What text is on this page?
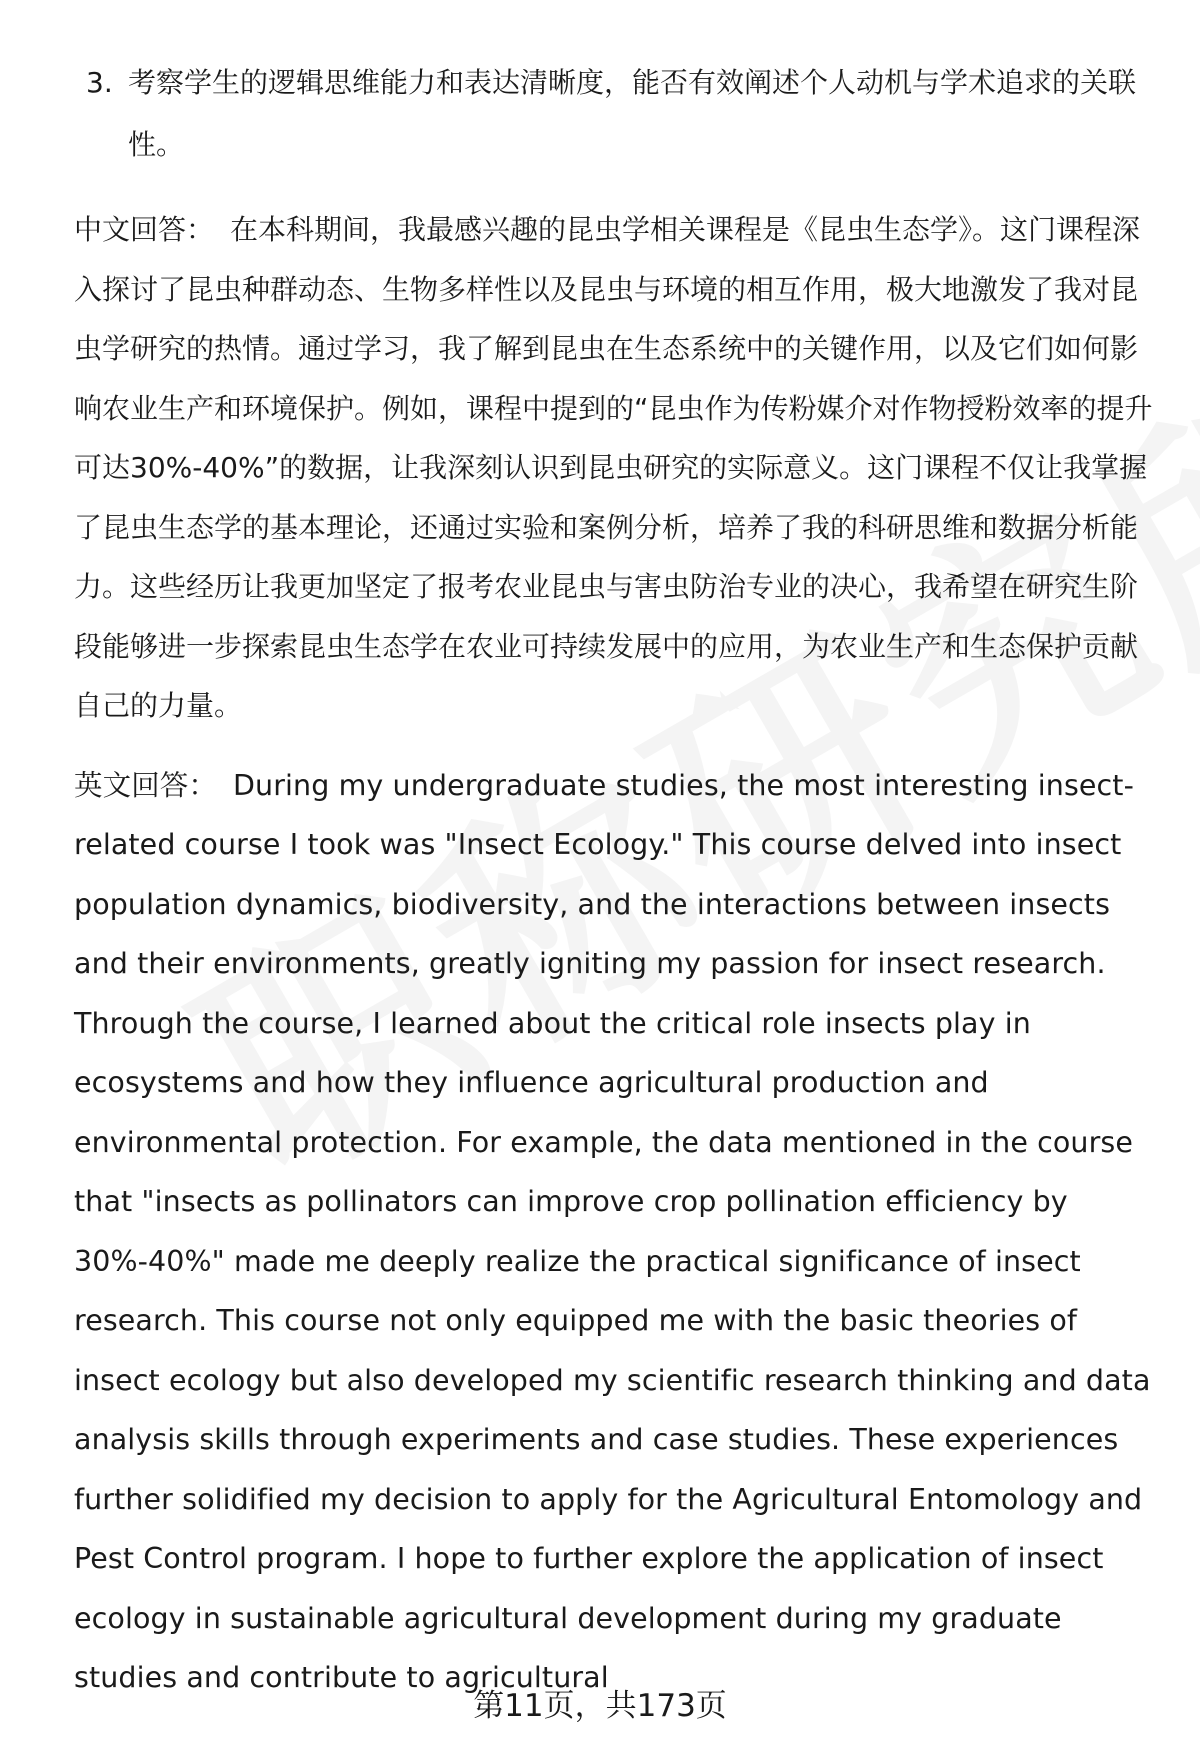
3. 考察学生的逻辑思维能力和表达清晰度，能否有效阐述个人动机与学术追求的关联性。

中文回答： 在本科期间，我最感兴趣的昆虫学相关课程是《昆虫生态学》。这门课程深入探讨了昆虫种群动态、生物多样性以及昆虫与环境的相互作用，极大地激发了我对昆虫学研究的热情。通过学习，我了解到昆虫在生态系统中的关键作用，以及它们如何影响农业生产和环境保护。例如，课程中提到的“昆虫作为传粉媒介对作物授粉效率的提升可达30%-40%”的数据，让我深刻认识到昆虫研究的实际意义。这门课程不仅让我掌握了昆虫生态学的基本理论，还通过实验和案例分析，培养了我的科研思维和数据分析能力。这些经历让我更加坚定了报考农业昆虫与害虫防治专业的决心，我希望在研究生阶段能够进一步探索昆虫生态学在农业可持续发展中的应用，为农业生产和生态保护贡献自己的力量。

英文回答： During my undergraduate studies, the most interesting insect-related course I took was "Insect Ecology." This course delved into insect population dynamics, biodiversity, and the interactions between insects and their environments, greatly igniting my passion for insect research. Through the course, I learned about the critical role insects play in ecosystems and how they influence agricultural production and environmental protection. For example, the data mentioned in the course that "insects as pollinators can improve crop pollination efficiency by 30%-40%" made me deeply realize the practical significance of insect research. This course not only equipped me with the basic theories of insect ecology but also developed my scientific research thinking and data analysis skills through experiments and case studies. These experiences further solidified my decision to apply for the Agricultural Entomology and Pest Control program. I hope to further explore the application of insect ecology in sustainable agricultural development during my graduate studies and contribute to agricultural

第11页，共173页
